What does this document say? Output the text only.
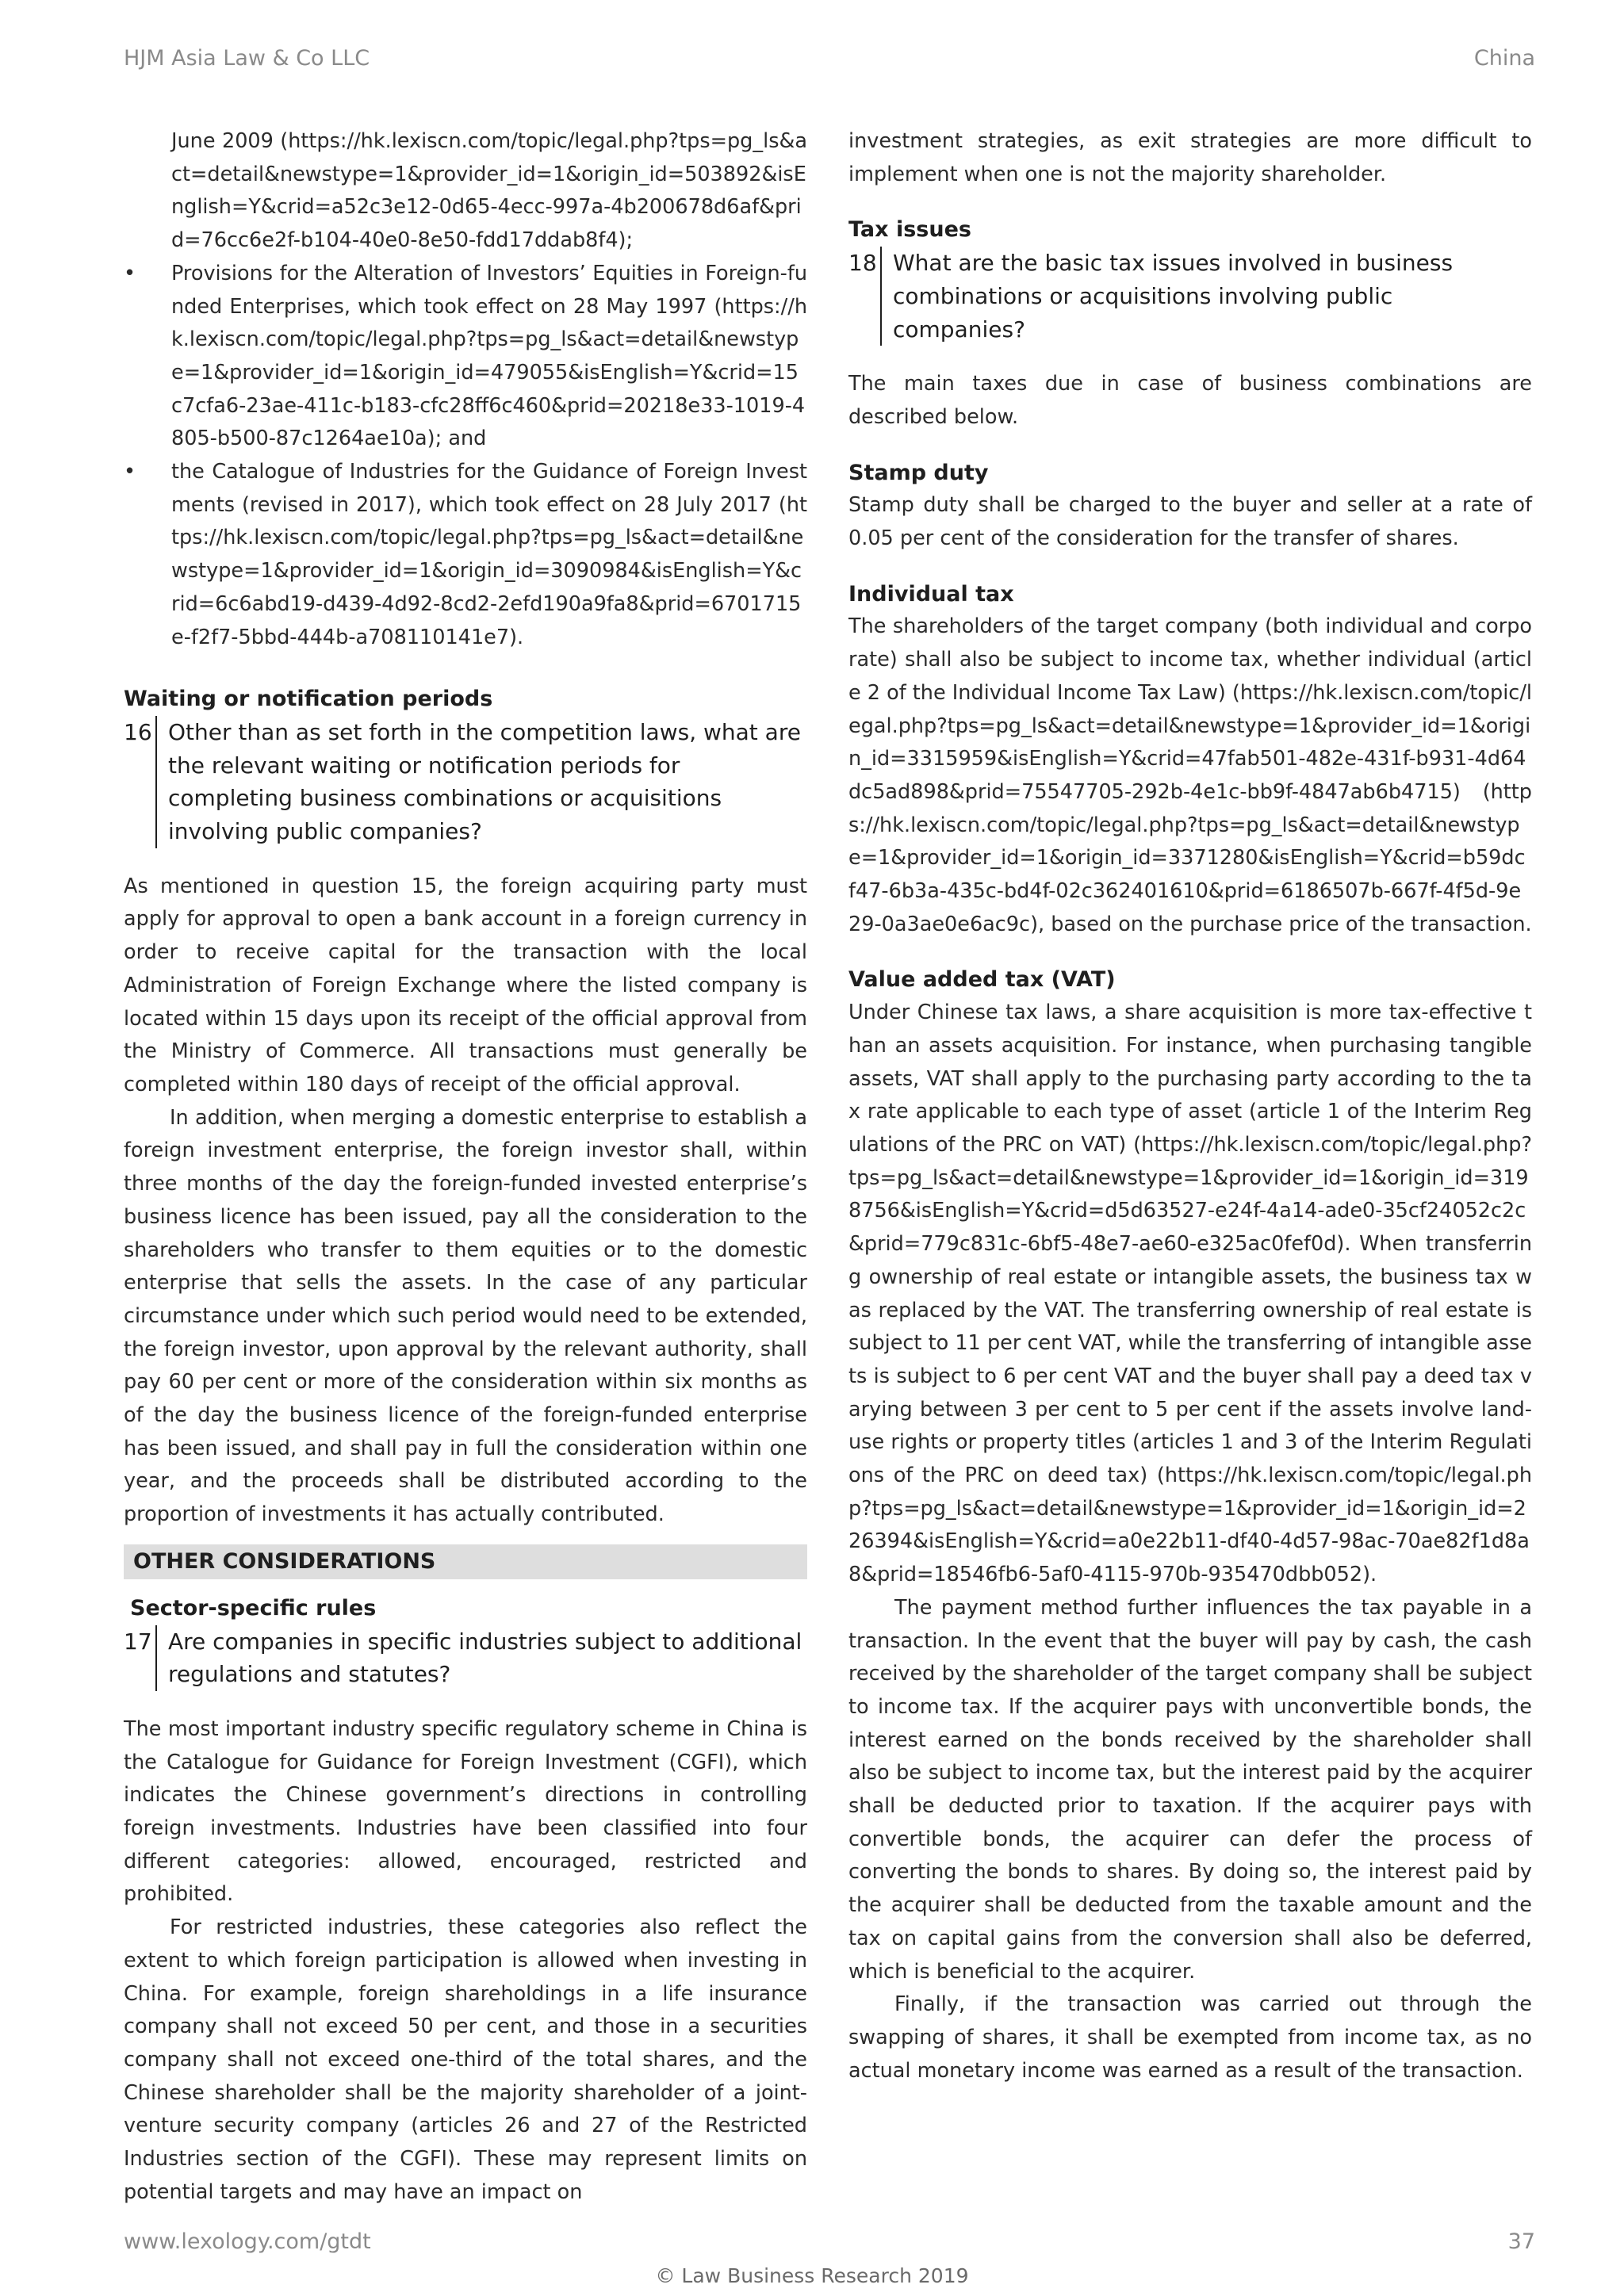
HJM Asia Law & Co LLC	China
June 2009 (https://hk.lexiscn.com/topic/legal.php?tps=pg_ls&act=detail&newstype=1&provider_id=1&origin_id=503892&isEnglish=Y&crid=a52c3e12-0d65-4ecc-997a-4b200678d6af&prid=76cc6e2f-b104-40e0-8e50-fdd17ddab8f4);
• Provisions for the Alteration of Investors’ Equities in Foreign-funded Enterprises, which took effect on 28 May 1997 (https://hk.lexiscn.com/topic/legal.php?tps=pg_ls&act=detail&newstype=1&provider_id=1&origin_id=479055&isEnglish=Y&crid=15c7cfa6-23ae-411c-b183-cfc28ff6c460&prid=20218e33-1019-4805-b500-87c1264ae10a); and
• the Catalogue of Industries for the Guidance of Foreign Investments (revised in 2017), which took effect on 28 July 2017 (https://hk.lexiscn.com/topic/legal.php?tps=pg_ls&act=detail&newstype=1&provider_id=1&origin_id=3090984&isEnglish=Y&crid=6c6abd19-d439-4d92-8cd2-2efd190a9fa8&prid=6701715e-f2f7-5bbd-444b-a708110141e7).
Waiting or notification periods
16 Other than as set forth in the competition laws, what are the relevant waiting or notification periods for completing business combinations or acquisitions involving public companies?

As mentioned in question 15, the foreign acquiring party must apply for approval to open a bank account in a foreign currency in order to receive capital for the transaction with the local Administration of Foreign Exchange where the listed company is located within 15 days upon its receipt of the official approval from the Ministry of Commerce. All transactions must generally be completed within 180 days of receipt of the official approval.

In addition, when merging a domestic enterprise to establish a foreign investment enterprise, the foreign investor shall, within three months of the day the foreign-funded invested enterprise’s business licence has been issued, pay all the consideration to the shareholders who transfer to them equities or to the domestic enterprise that sells the assets. In the case of any particular circumstance under which such period would need to be extended, the foreign investor, upon approval by the relevant authority, shall pay 60 per cent or more of the consideration within six months as of the day the business licence of the foreign-funded enterprise has been issued, and shall pay in full the consideration within one year, and the proceeds shall be distributed according to the proportion of investments it has actually contributed.

OTHER CONSIDERATIONS
Sector-specific rules
17 Are companies in specific industries subject to additional regulations and statutes?

The most important industry specific regulatory scheme in China is the Catalogue for Guidance for Foreign Investment (CGFI), which indicates the Chinese government’s directions in controlling foreign investments. Industries have been classified into four different categories: allowed, encouraged, restricted and prohibited.

For restricted industries, these categories also reflect the extent to which foreign participation is allowed when investing in China. For example, foreign shareholdings in a life insurance company shall not exceed 50 per cent, and those in a securities company shall not exceed one-third of the total shares, and the Chinese shareholder shall be the majority shareholder of a joint-venture security company (articles 26 and 27 of the Restricted Industries section of the CGFI). These may represent limits on potential targets and may have an impact on

investment strategies, as exit strategies are more difficult to implement when one is not the majority shareholder.

Tax issues
18 What are the basic tax issues involved in business combinations or acquisitions involving public companies?

The main taxes due in case of business combinations are described below.

Stamp duty

Stamp duty shall be charged to the buyer and seller at a rate of 0.05 per cent of the consideration for the transfer of shares.

Individual tax

The shareholders of the target company (both individual and corporate) shall also be subject to income tax, whether individual (article 2 of the Individual Income Tax Law) (https://hk.lexiscn.com/topic/legal.php?tps=pg_ls&act=detail&newstype=1&provider_id=1&origin_id=3315959&isEnglish=Y&crid=47fab501-482e-431f-b931-4d64dc5ad898&prid=75547705-292b-4e1c-bb9f-4847ab6b4715) (https://hk.lexiscn.com/topic/legal.php?tps=pg_ls&act=detail&newstype=1&provider_id=1&origin_id=3371280&isEnglish=Y&crid=b59dcf47-6b3a-435c-bd4f-02c362401610&prid=6186507b-667f-4f5d-9e29-0a3ae0e6ac9c), based on the purchase price of the transaction.

Value added tax (VAT)

Under Chinese tax laws, a share acquisition is more tax-effective than an assets acquisition. For instance, when purchasing tangible assets, VAT shall apply to the purchasing party according to the tax rate applicable to each type of asset (article 1 of the Interim Regulations of the PRC on VAT) (https://hk.lexiscn.com/topic/legal.php?tps=pg_ls&act=detail&newstype=1&provider_id=1&origin_id=3198756&isEnglish=Y&crid=d5d63527-e24f-4a14-ade0-35cf24052c2c&prid=779c831c-6bf5-48e7-ae60-e325ac0fef0d). When transferring ownership of real estate or intangible assets, the business tax was replaced by the VAT. The transferring ownership of real estate is subject to 11 per cent VAT, while the transferring of intangible assets is subject to 6 per cent VAT and the buyer shall pay a deed tax varying between 3 per cent to 5 per cent if the assets involve land-use rights or property titles (articles 1 and 3 of the Interim Regulations of the PRC on deed tax) (https://hk.lexiscn.com/topic/legal.php?tps=pg_ls&act=detail&newstype=1&provider_id=1&origin_id=226394&isEnglish=Y&crid=a0e22b11-df40-4d57-98ac-70ae82f1d8a8&prid=18546fb6-5af0-4115-970b-935470dbb052).

The payment method further influences the tax payable in a transaction. In the event that the buyer will pay by cash, the cash received by the shareholder of the target company shall be subject to income tax. If the acquirer pays with unconvertible bonds, the interest earned on the bonds received by the shareholder shall also be subject to income tax, but the interest paid by the acquirer shall be deducted prior to taxation. If the acquirer pays with convertible bonds, the acquirer can defer the process of converting the bonds to shares. By doing so, the interest paid by the acquirer shall be deducted from the taxable amount and the tax on capital gains from the conversion shall also be deferred, which is beneficial to the acquirer.

Finally, if the transaction was carried out through the swapping of shares, it shall be exempted from income tax, as no actual monetary income was earned as a result of the transaction.

www.lexology.com/gtdt	37
© Law Business Research 2019
